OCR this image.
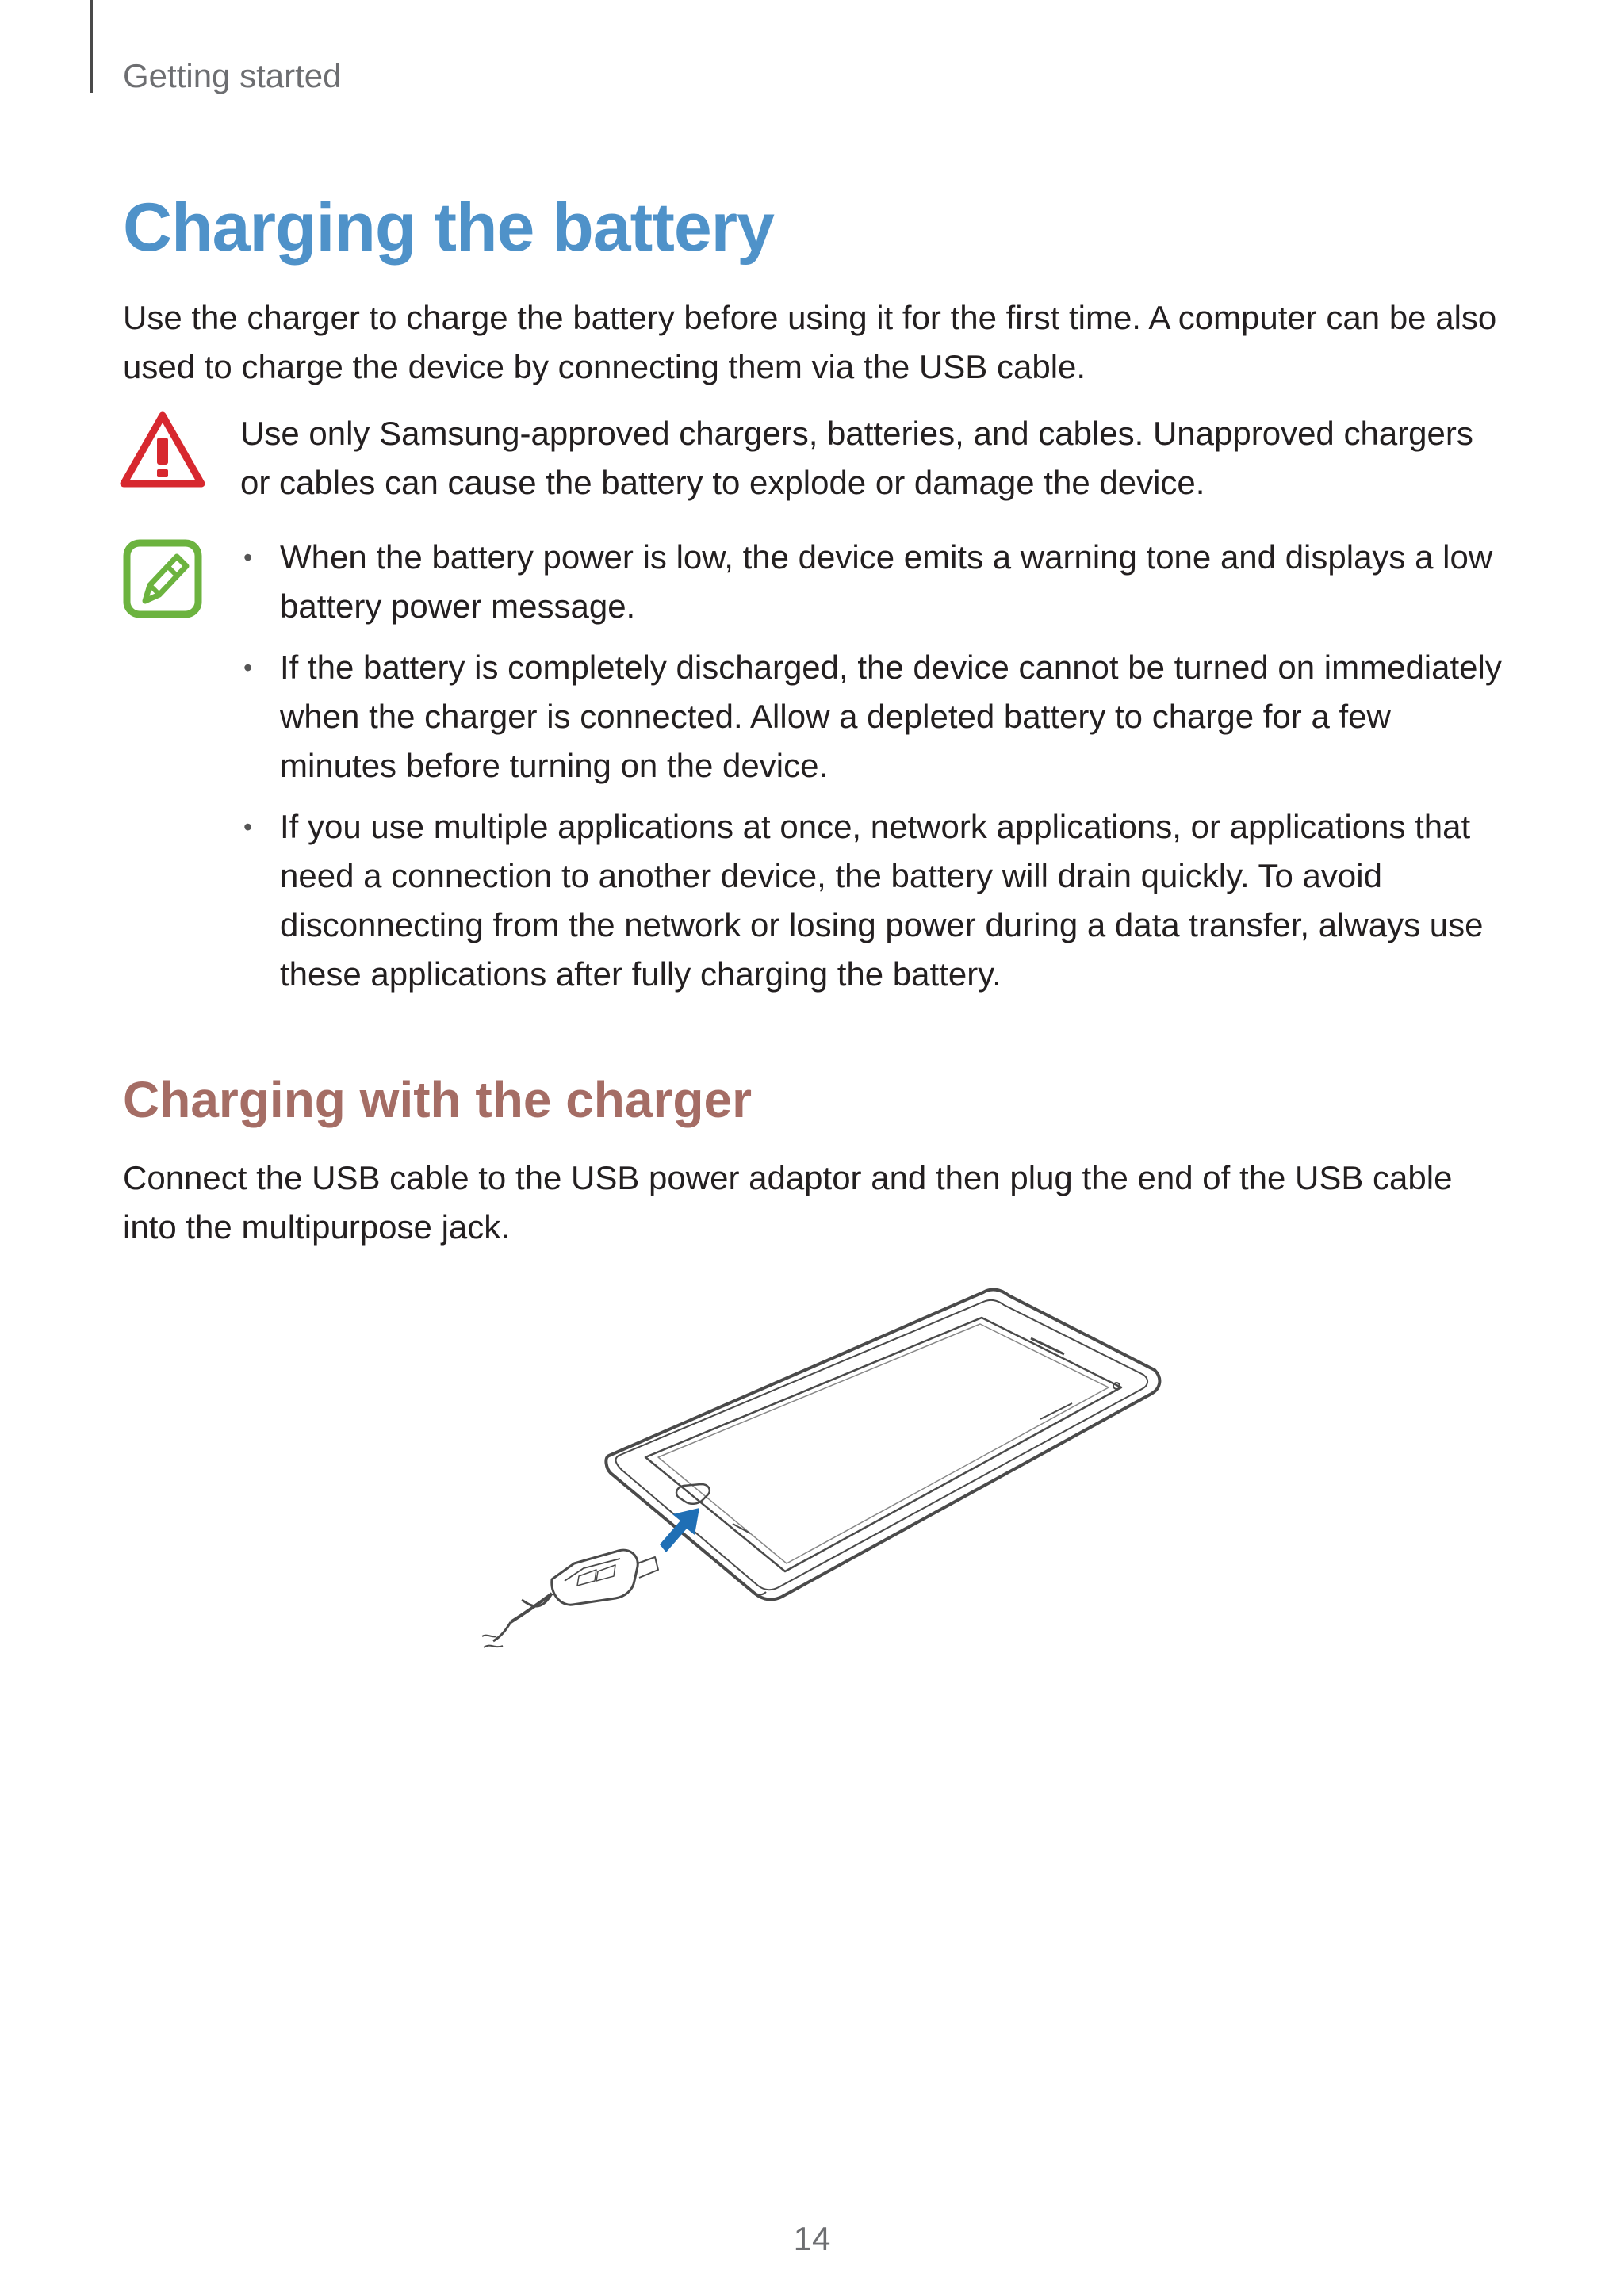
Getting started
Charging the battery

Use the charger to charge the battery before using it for the first time. A computer can be also used to charge the device by connecting them via the USB cable.

Use only Samsung-approved chargers, batteries, and cables. Unapproved chargers or cables can cause the battery to explode or damage the device.

• When the battery power is low, the device emits a warning tone and displays a low battery power message.
• If the battery is completely discharged, the device cannot be turned on immediately when the charger is connected. Allow a depleted battery to charge for a few minutes before turning on the device.
• If you use multiple applications at once, network applications, or applications that need a connection to another device, the battery will drain quickly. To avoid disconnecting from the network or losing power during a data transfer, always use these applications after fully charging the battery.
Charging with the charger

Connect the USB cable to the USB power adaptor and then plug the end of the USB cable into the multipurpose jack.

14
